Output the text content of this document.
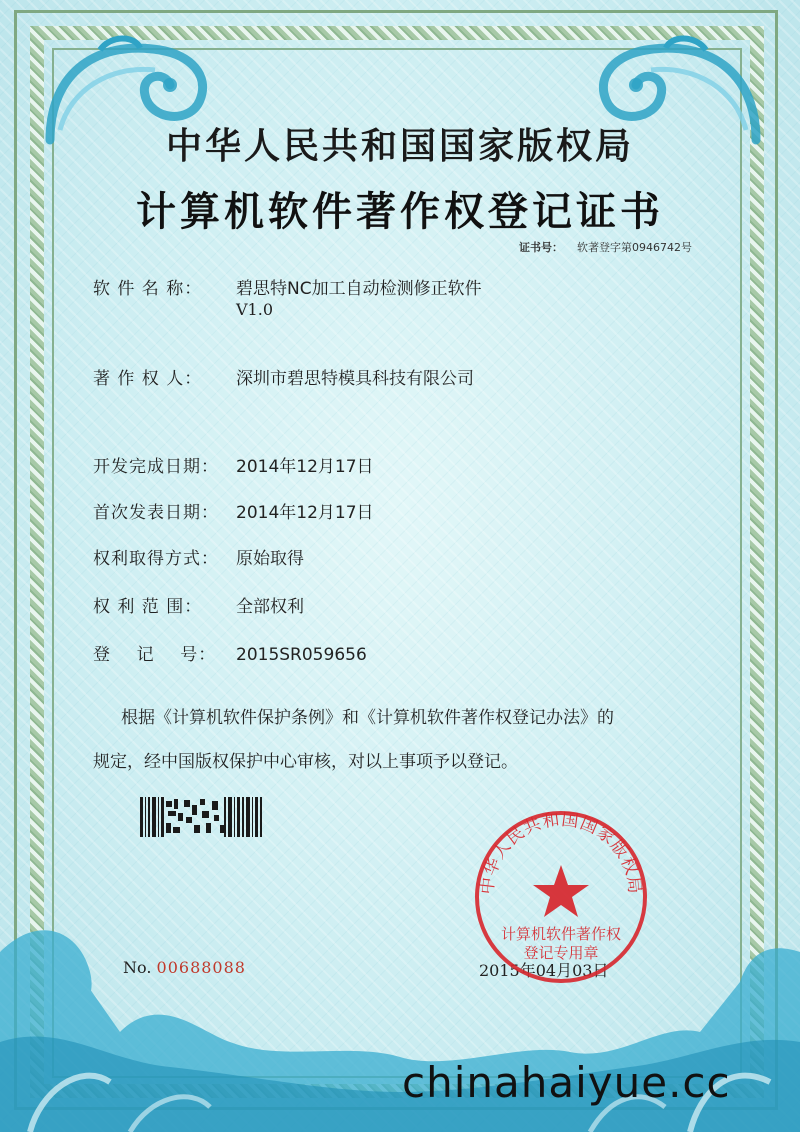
中华人民共和国国家版权局
计算机软件著作权登记证书
证书号： 软著登字第0946742号
软 件 名 称： 碧思特NC加工自动检测修正软件
V1.0
著 作 权 人： 深圳市碧思特模具科技有限公司
开发完成日期： 2014年12月17日
首次发表日期： 2014年12月17日
权利取得方式： 原始取得
权 利 范 围： 全部权利
登    记    号： 2015SR059656
根据《计算机软件保护条例》和《计算机软件著作权登记办法》的
规定，经中国版权保护中心审核，对以上事项予以登记。
No. 00688088	2015年04月03日
中华人民共和国国家版权局
计算机软件著作权
登记专用章
chinahaiyue.cc
